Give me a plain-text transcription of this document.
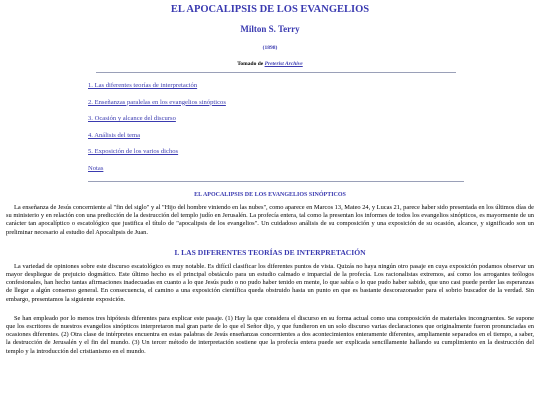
EL APOCALIPSIS DE LOS EVANGELIOS
Milton S. Terry
(1898)
Tomado de Preterist Archive
1. Las diferentes teorías de interpretación
2. Enseñanzas paralelas en los evangelios sinópticos
3. Ocasión y alcance del discurso
4. Análisis del tema
5. Exposición de los varios dichos
Notas
EL APOCALIPSIS DE LOS EVANGELIOS SINÓPTICOS

La enseñanza de Jesús concerniente al "fin del siglo" y al "Hijo del hombre viniendo en las nubes", como aparece en Marcos 13, Mateo 24, y Lucas 21, parece haber sido presentada en los últimos días de su ministerio y en relación con una predicción de la destrucción del templo judío en Jerusalén. La profecía entera, tal como la presentan los informes de todos los evangelios sinópticos, es mayormente de un carácter tan apocalíptico o escatológico que justifica el título de "apocalipsis de los evangelios". Un cuidadoso análisis de su composición y una exposición de su ocasión, alcance, y significado son un preliminar necesario al estudio del Apocalipsis de Juan.

I. LAS DIFERENTES TEORÍAS DE INTERPRETACIÓN

La variedad de opiniones sobre este discurso escatológico es muy notable. Es difícil clasificar los diferentes puntos de vista. Quizás no haya ningún otro pasaje en cuya exposición podamos observar un mayor despliegue de prejuicio dogmático. Este último hecho es el principal obstáculo para un estudio calmado e imparcial de la profecía. Los racionalistas extremos, así como los arrogantes teólogos confesionales, han hecho tantas afirmaciones inadecuadas en cuanto a lo que Jesús pudo o no pudo haber tenido en mente, lo que sabía o lo que pudo haber sabido, que uno casi puede perder las esperanzas de llegar a algún consenso general. En consecuencia, el camino a una exposición científica queda obstruido hasta un punto en que es bastante descorazonador para el sobrio buscador de la verdad. Sin embargo, presentamos la siguiente exposición.

Se han empleado por lo menos tres hipótesis diferentes para explicar este pasaje. (1) Hay la que considera el discurso en su forma actual como una composición de materiales incongruentes. Se supone que los escritores de nuestros evangelios sinópticos interpretaron mal gran parte de lo que el Señor dijo, y que fundieron en un solo discurso varias declaraciones que originalmente fueron pronunciadas en ocasiones diferentes. (2) Otra clase de intérpretes encuentra en estas palabras de Jesús enseñanzas concernientes a dos acontecimientos enteramente diferentes, ampliamente separados en el tiempo, a saber, la destrucción de Jerusalén y el fin del mundo. (3) Un tercer método de interpretación sostiene que la profecía entera puede ser explicada sencillamente hallando su cumplimiento en la destrucción del templo y la introducción del cristianismo en el mundo.
